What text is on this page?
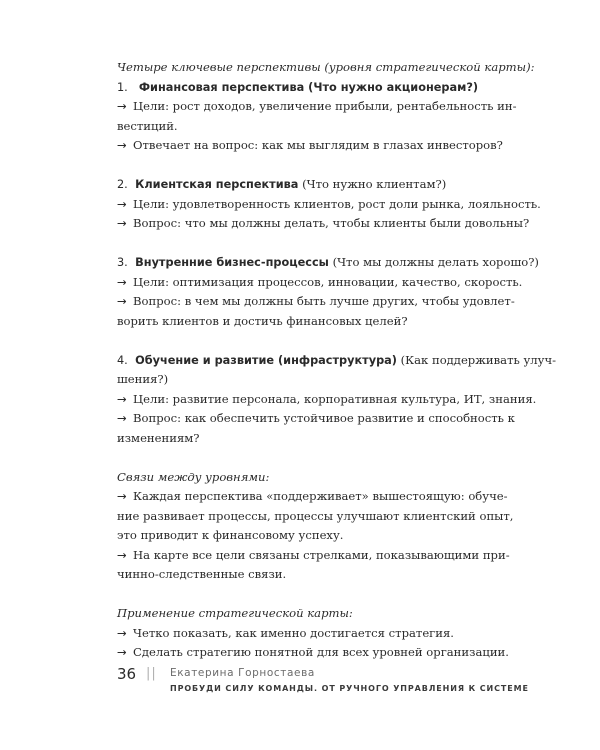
Четыре ключевые перспективы (уровня стратегической карты):
1. Финансовая перспектива (Что нужно акционерам?)
→ Цели: рост доходов, увеличение прибыли, рентабельность ин-
вестиций.
→ Отвечает на вопрос: как мы выглядим в глазах инвесторов?
2. Клиентская перспектива (Что нужно клиентам?)
→ Цели: удовлетворенность клиентов, рост доли рынка, лояльность.
→ Вопрос: что мы должны делать, чтобы клиенты были довольны?
3. Внутренние бизнес-процессы (Что мы должны делать хорошо?)
→ Цели: оптимизация процессов, инновации, качество, скорость.
→ Вопрос: в чем мы должны быть лучше других, чтобы удовлет-
ворить клиентов и достичь финансовых целей?
4. Обучение и развитие (инфраструктура) (Как поддерживать улуч-
шения?)
→ Цели: развитие персонала, корпоративная культура, ИТ, знания.
→ Вопрос: как обеспечить устойчивое развитие и способность к
изменениям?
Связи между уровнями:
→ Каждая перспектива «поддерживает» вышестоящую: обуче-
ние развивает процессы, процессы улучшают клиентский опыт,
это приводит к финансовому успеху.
→ На карте все цели связаны стрелками, показывающими при-
чинно-следственные связи.
Применение стратегической карты:
→ Четко показать, как именно достигается стратегия.
→ Сделать стратегию понятной для всех уровней организации.
36 || Екатерина Горностаева
ПРОБУДИ СИЛУ КОМАНДЫ. ОТ РУЧНОГО УПРАВЛЕНИЯ К СИСТЕМЕ
